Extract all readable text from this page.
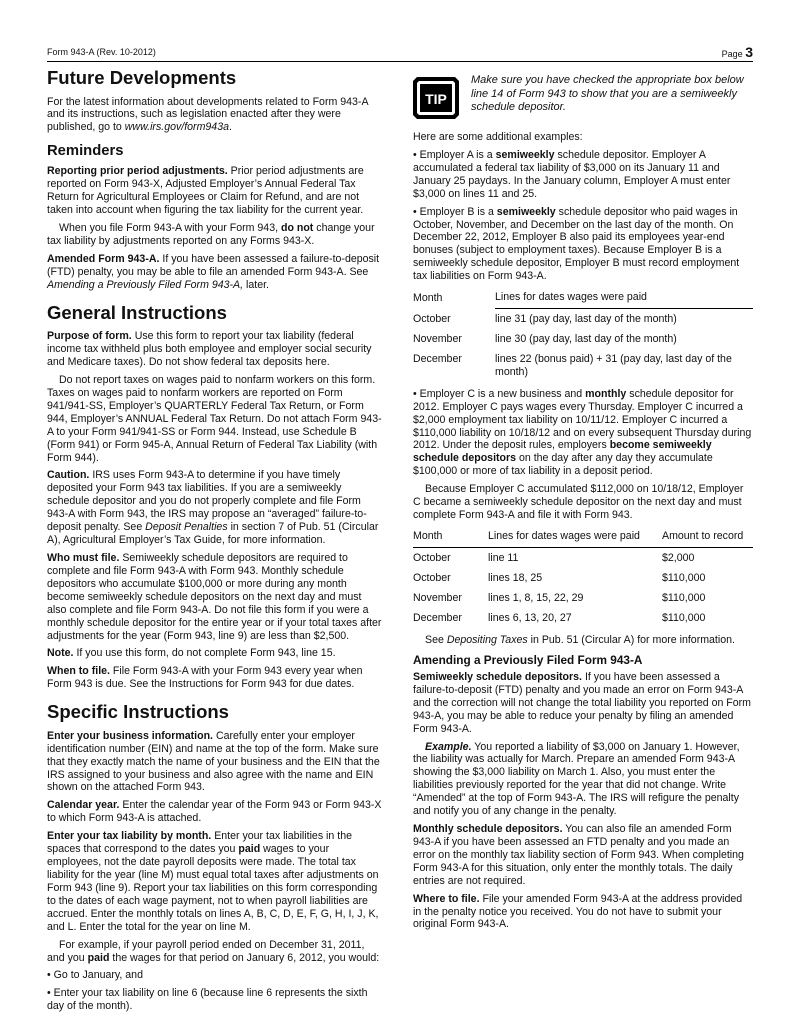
Form 943-A (Rev. 10-2012)	Page 3
Future Developments

For the latest information about developments related to Form 943-A and its instructions, such as legislation enacted after they were published, go to www.irs.gov/form943a.

Reminders

Reporting prior period adjustments. Prior period adjustments are reported on Form 943-X, Adjusted Employer’s Annual Federal Tax Return for Agricultural Employees or Claim for Refund, and are not taken into account when figuring the tax liability for the current year.

When you file Form 943-A with your Form 943, do not change your tax liability by adjustments reported on any Forms 943-X.

Amended Form 943-A. If you have been assessed a failure-to-deposit (FTD) penalty, you may be able to file an amended Form 943-A. See Amending a Previously Filed Form 943-A, later.

General Instructions

Purpose of form. Use this form to report your tax liability (federal income tax withheld plus both employee and employer social security and Medicare taxes). Do not show federal tax deposits here.

Do not report taxes on wages paid to nonfarm workers on this form. Taxes on wages paid to nonfarm workers are reported on Form 941/941-SS, Employer’s QUARTERLY Federal Tax Return, or Form 944, Employer’s ANNUAL Federal Tax Return. Do not attach Form 943-A to your Form 941/941-SS or Form 944. Instead, use Schedule B (Form 941) or Form 945-A, Annual Return of Federal Tax Liability (with Form 944).

Caution. IRS uses Form 943-A to determine if you have timely deposited your Form 943 tax liabilities. If you are a semiweekly schedule depositor and you do not properly complete and file Form 943-A with Form 943, the IRS may propose an “averaged” failure-to-deposit penalty. See Deposit Penalties in section 7 of Pub. 51 (Circular A), Agricultural Employer’s Tax Guide, for more information.

Who must file. Semiweekly schedule depositors are required to complete and file Form 943-A with Form 943. Monthly schedule depositors who accumulate $100,000 or more during any month become semiweekly schedule depositors on the next day and must also complete and file Form 943-A. Do not file this form if you were a monthly schedule depositor for the entire year or if your total taxes after adjustments for the year (Form 943, line 9) are less than $2,500.

Note. If you use this form, do not complete Form 943, line 15.

When to file. File Form 943-A with your Form 943 every year when Form 943 is due. See the Instructions for Form 943 for due dates.

Specific Instructions

Enter your business information. Carefully enter your employer identification number (EIN) and name at the top of the form. Make sure that they exactly match the name of your business and the EIN that the IRS assigned to your business and also agree with the name and EIN shown on the attached Form 943.

Calendar year. Enter the calendar year of the Form 943 or Form 943-X to which Form 943-A is attached.

Enter your tax liability by month. Enter your tax liabilities in the spaces that correspond to the dates you paid wages to your employees, not the date payroll deposits were made. The total tax liability for the year (line M) must equal total taxes after adjustments on Form 943 (line 9). Report your tax liabilities on this form corresponding to the dates of each wage payment, not to when payroll liabilities are accrued. Enter the monthly totals on lines A, B, C, D, E, F, G, H, I, J, K, and L. Enter the total for the year on line M.

For example, if your payroll period ended on December 31, 2011, and you paid the wages for that period on January 6, 2012, you would:

• Go to January, and

• Enter your tax liability on line 6 (because line 6 represents the sixth day of the month).

TIP
Make sure you have checked the appropriate box below line 14 of Form 943 to show that you are a semiweekly schedule depositor.

Here are some additional examples:

• Employer A is a semiweekly schedule depositor. Employer A accumulated a federal tax liability of $3,000 on its January 11 and January 25 paydays. In the January column, Employer A must enter $3,000 on lines 11 and 25.

• Employer B is a semiweekly schedule depositor who paid wages in October, November, and December on the last day of the month. On December 22, 2012, Employer B also paid its employees year-end bonuses (subject to employment taxes). Because Employer B is a semiweekly schedule depositor, Employer B must record employment tax liabilities on Form 943-A.

Month	Lines for dates wages were paid
October	line 31 (pay day, last day of the month)
November	line 30 (pay day, last day of the month)
December	lines 22 (bonus paid) + 31 (pay day, last day of the month)

• Employer C is a new business and monthly schedule depositor for 2012. Employer C pays wages every Thursday. Employer C incurred a $2,000 employment tax liability on 10/11/12. Employer C incurred a $110,000 liability on 10/18/12 and on every subsequent Thursday during 2012. Under the deposit rules, employers become semiweekly schedule depositors on the day after any day they accumulate $100,000 or more of tax liability in a deposit period.

Because Employer C accumulated $112,000 on 10/18/12, Employer C became a semiweekly schedule depositor on the next day and must complete Form 943-A and file it with Form 943.

Month	Lines for dates wages were paid	Amount to record
October	line 11	$2,000
October	lines 18, 25	$110,000
November	lines 1, 8, 15, 22, 29	$110,000
December	lines 6, 13, 20, 27	$110,000

See Depositing Taxes in Pub. 51 (Circular A) for more information.

Amending a Previously Filed Form 943-A

Semiweekly schedule depositors. If you have been assessed a failure-to-deposit (FTD) penalty and you made an error on Form 943-A and the correction will not change the total liability you reported on Form 943-A, you may be able to reduce your penalty by filing an amended Form 943-A.

Example. You reported a liability of $3,000 on January 1. However, the liability was actually for March. Prepare an amended Form 943-A showing the $3,000 liability on March 1. Also, you must enter the liabilities previously reported for the year that did not change. Write “Amended” at the top of Form 943-A. The IRS will refigure the penalty and notify you of any change in the penalty.

Monthly schedule depositors. You can also file an amended Form 943-A if you have been assessed an FTD penalty and you made an error on the monthly tax liability section of Form 943. When completing Form 943-A for this situation, only enter the monthly totals. The daily entries are not required.

Where to file. File your amended Form 943-A at the address provided in the penalty notice you received. You do not have to submit your original Form 943-A.
